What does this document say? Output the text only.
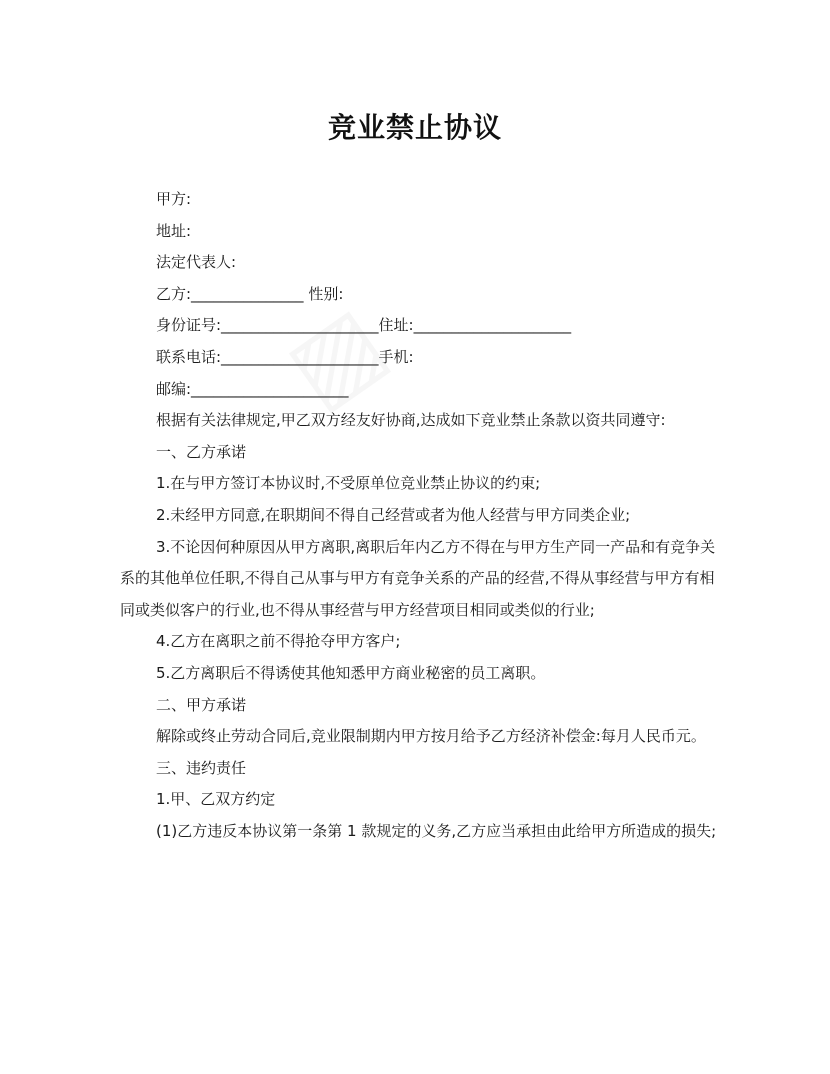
竞业禁止协议

甲方:

地址:

法定代表人:

乙方:_______________ 性别:

身份证号:_____________________住址:_____________________

联系电话:_____________________手机:

邮编:_____________________

根据有关法律规定,甲乙双方经友好协商,达成如下竞业禁止条款以资共同遵守:

一、乙方承诺

1.在与甲方签订本协议时,不受原单位竞业禁止协议的约束;

2.未经甲方同意,在职期间不得自己经营或者为他人经营与甲方同类企业;

3.不论因何种原因从甲方离职,离职后年内乙方不得在与甲方生产同一产品和有竞争关系的其他单位任职,不得自己从事与甲方有竞争关系的产品的经营,不得从事经营与甲方有相同或类似客户的行业,也不得从事经营与甲方经营项目相同或类似的行业;

4.乙方在离职之前不得抢夺甲方客户;

5.乙方离职后不得诱使其他知悉甲方商业秘密的员工离职。

二、甲方承诺

解除或终止劳动合同后,竞业限制期内甲方按月给予乙方经济补偿金:每月人民币元。

三、违约责任

1.甲、乙双方约定

(1)乙方违反本协议第一条第 1 款规定的义务,乙方应当承担由此给甲方所造成的损失;
